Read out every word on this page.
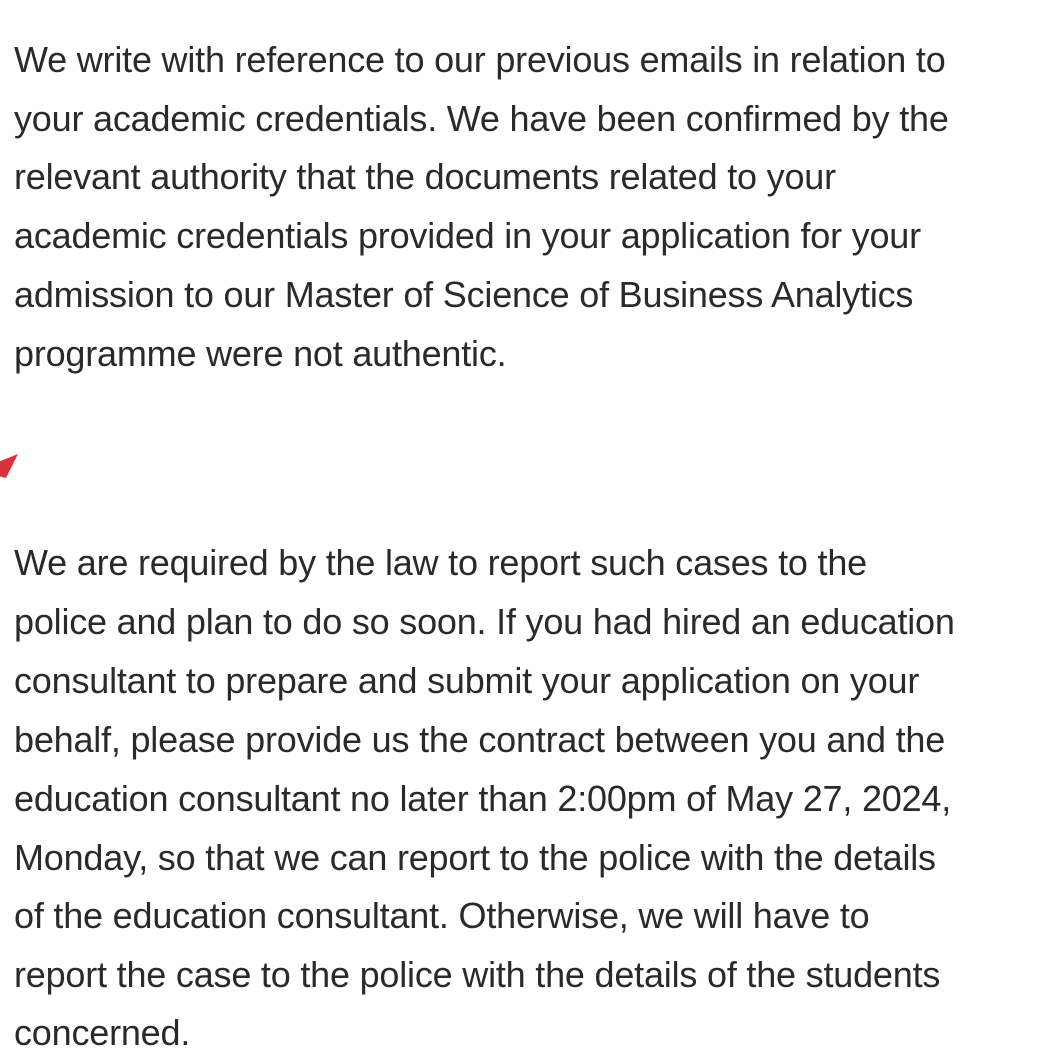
We write with reference to our previous emails in relation to

your academic credentials. We have been confirmed by the

relevant authority that the documents related to your

academic credentials provided in your application for your

admission to our Master of Science of Business Analytics

programme were not authentic.

We are required by the law to report such cases to the

police and plan to do so soon. If you had hired an education

consultant to prepare and submit your application on your

behalf, please provide us the contract between you and the

education consultant no later than 2:00pm of May 27, 2024,

Monday, so that we can report to the police with the details

of the education consultant. Otherwise, we will have to

report the case to the police with the details of the students

concerned.
